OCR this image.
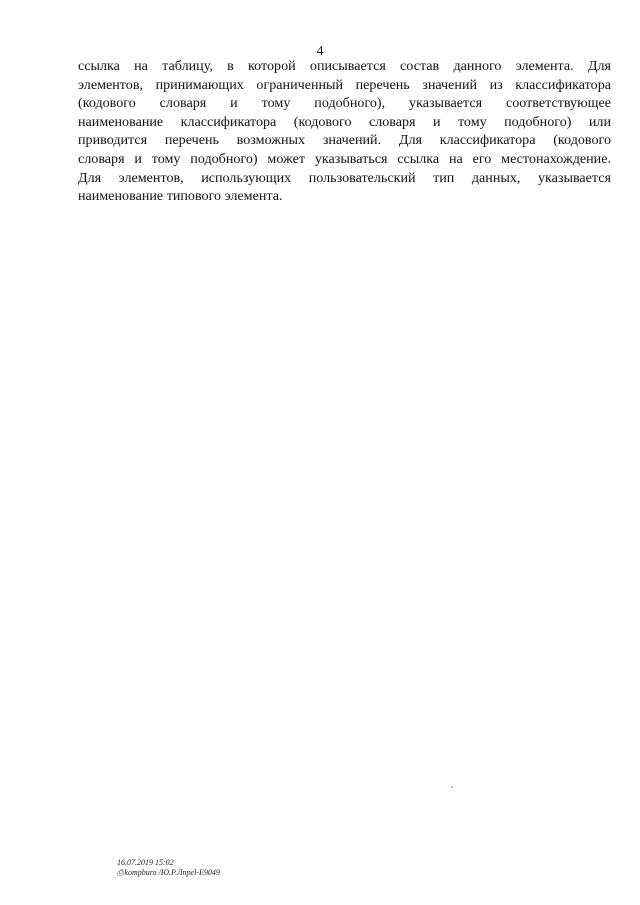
4
ссылка на таблицу, в которой описывается состав данного элемента. Для
элементов, принимающих ограниченный перечень значений из классификатора
(кодового словаря и тому подобного), указывается соответствующее
наименование классификатора (кодового словаря и тому подобного) или
приводится перечень возможных значений. Для классификатора (кодового
словаря и тому подобного) может указываться ссылка на его местонахождение.
Для элементов, использующих пользовательский тип данных, указывается
наименование типового элемента.
16.07.2019 15:02
⎙kompburo /Ю.Р.Лпрel-E9049
